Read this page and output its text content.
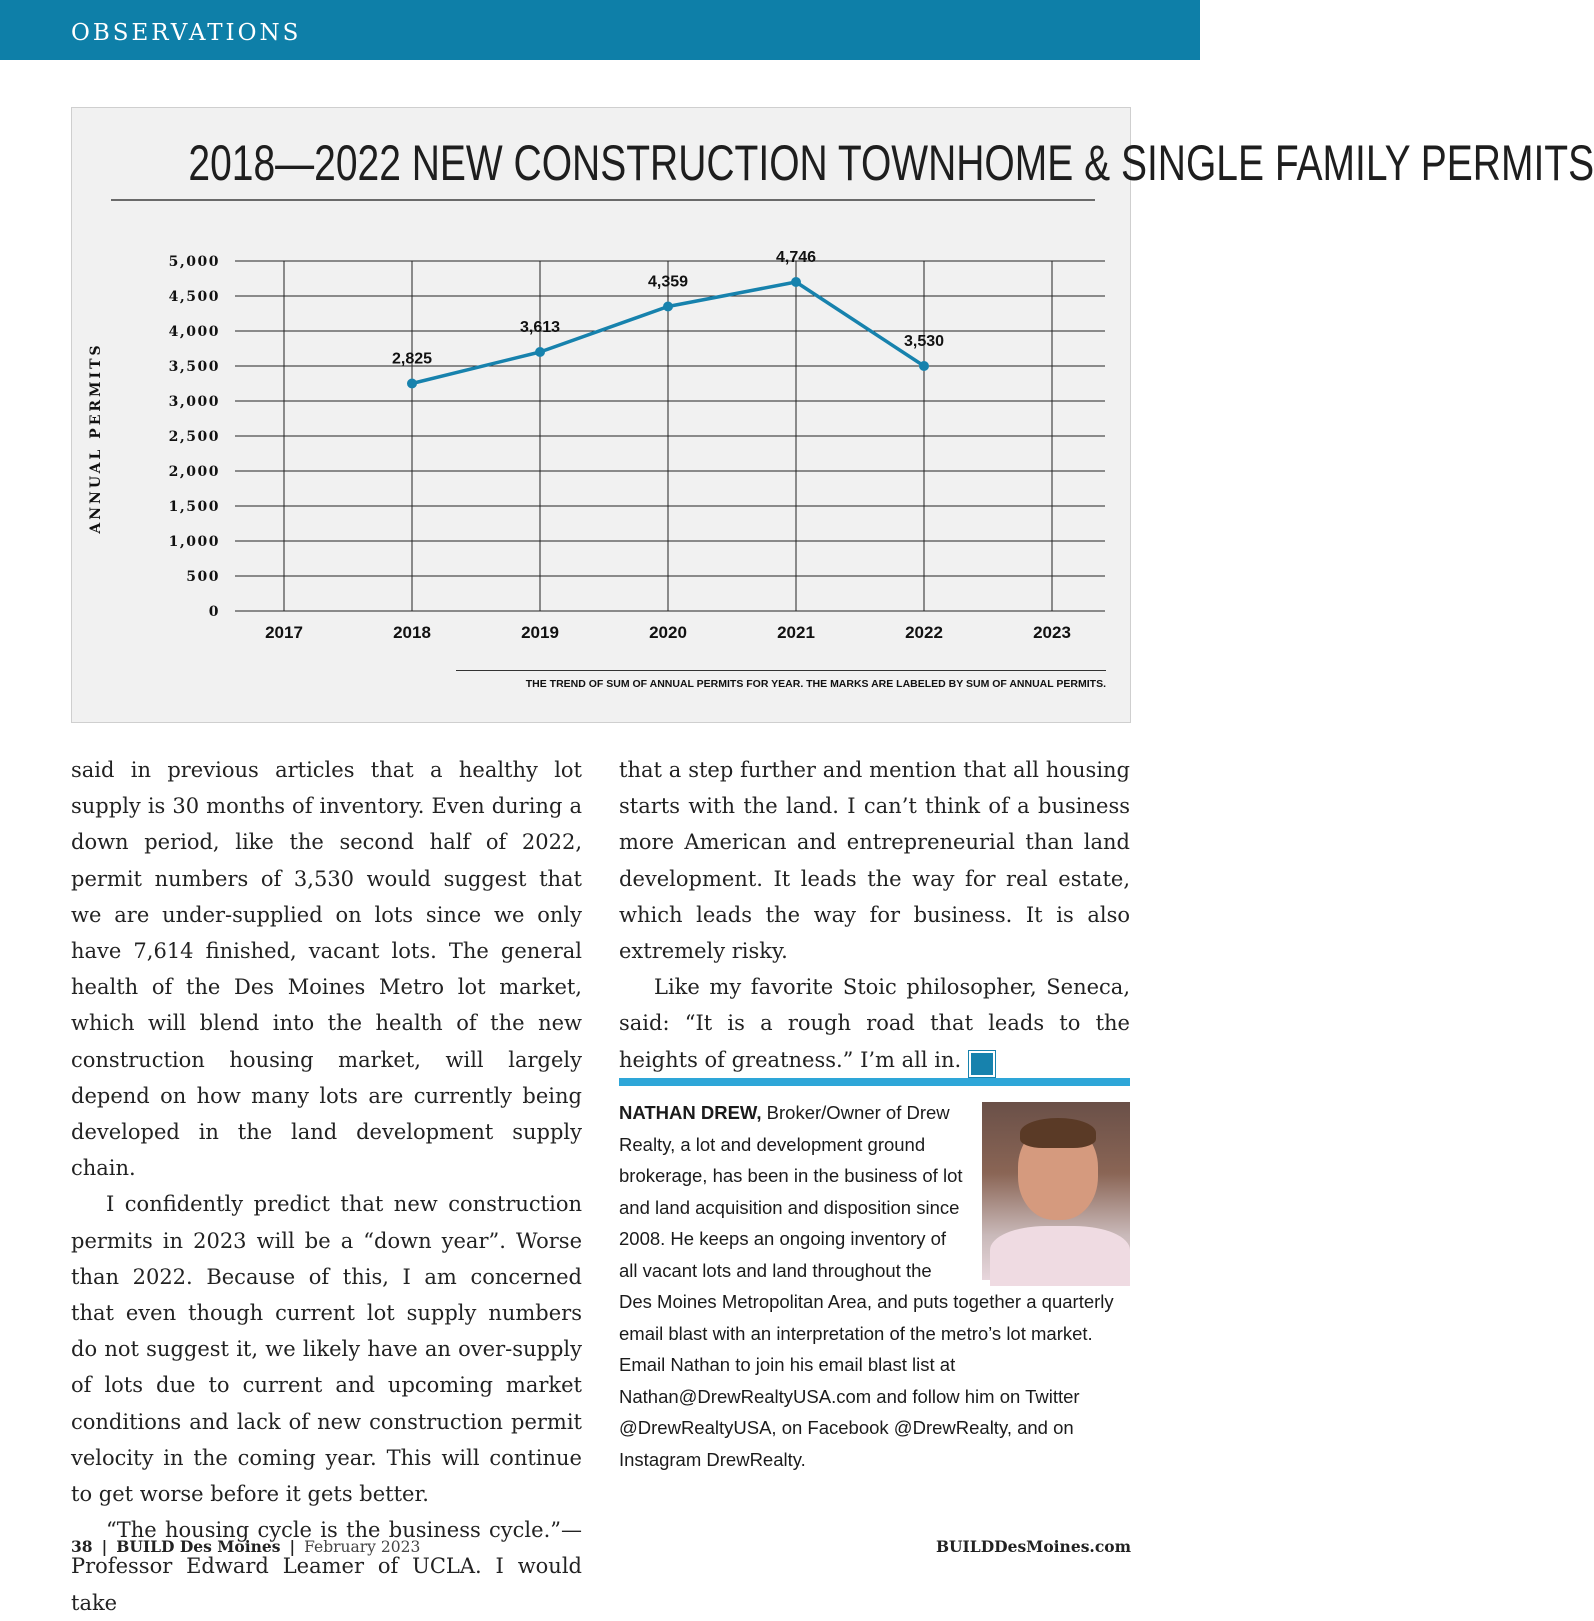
OBSERVATIONS
2018—2022 NEW CONSTRUCTION TOWNHOME & SINGLE FAMILY PERMITS
ANNUAL PERMITS
0
500
1,000
1,500
2,000
2,500
3,000
3,500
4,000
4,500
5,000
2017	2018	2019	2020	2021	2022	2023
2,825
3,613
4,359
4,746
3,530
THE TREND OF SUM OF ANNUAL PERMITS FOR YEAR. THE MARKS ARE LABELED BY SUM OF ANNUAL PERMITS.

said in previous articles that a healthy lot supply is 30 months of inventory. Even during a down period, like the second half of 2022, permit numbers of 3,530 would suggest that we are under-supplied on lots since we only have 7,614 finished, vacant lots. The general health of the Des Moines Metro lot market, which will blend into the health of the new construction housing market, will largely depend on how many lots are currently being developed in the land development supply chain.

I confidently predict that new construction permits in 2023 will be a “down year”. Worse than 2022. Because of this, I am concerned that even though current lot supply numbers do not suggest it, we likely have an over-supply of lots due to current and upcoming market conditions and lack of new construction permit velocity in the coming year. This will continue to get worse before it gets better.

“The housing cycle is the business cycle.”—Professor Edward Leamer of UCLA. I would take

that a step further and mention that all housing starts with the land. I can’t think of a business more American and entrepreneurial than land development. It leads the way for real estate, which leads the way for business. It is also extremely risky.

Like my favorite Stoic philosopher, Seneca, said: “It is a rough road that leads to the heights of greatness.” I’m all in.	B

NATHAN DREW, Broker/Owner of Drew Realty, a lot and development ground brokerage, has been in the business of lot and land acquisition and disposition since 2008. He keeps an ongoing inventory of all vacant lots and land throughout the Des Moines Metropolitan Area, and puts together a quarterly email blast with an interpretation of the metro’s lot market. Email Nathan to join his email blast list at Nathan@DrewRealtyUSA.com and follow him on Twitter @DrewRealtyUSA, on Facebook @DrewRealty, and on Instagram DrewRealty.
38 | BUILD Des Moines | February 2023	BUILDDesMoines.com
